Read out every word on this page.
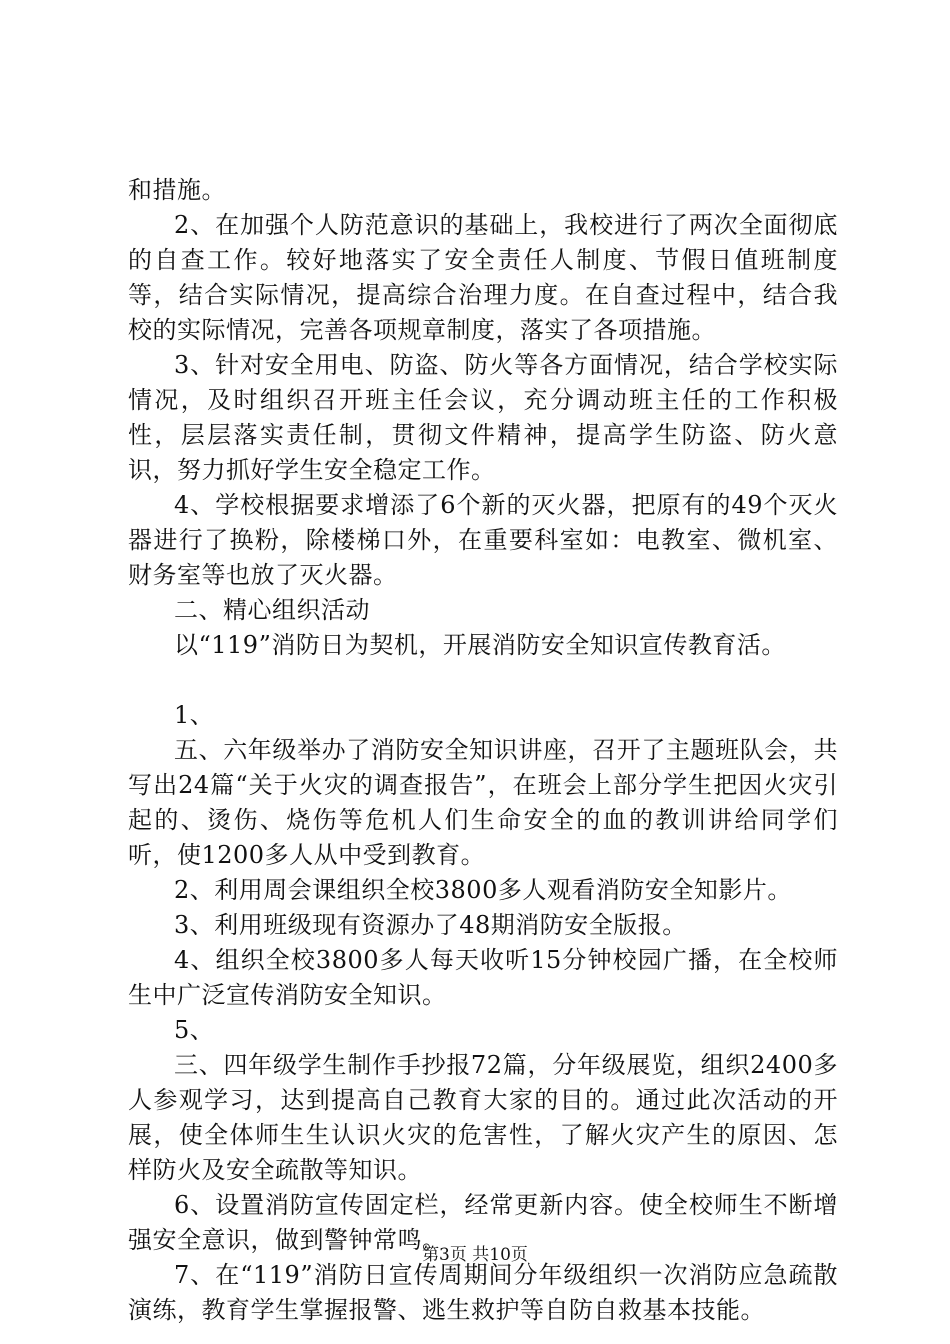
和措施。

2、在加强个人防范意识的基础上，我校进行了两次全面彻底的自查工作。较好地落实了安全责任人制度、节假日值班制度等，结合实际情况，提高综合治理力度。在自查过程中，结合我校的实际情况，完善各项规章制度，落实了各项措施。

3、针对安全用电、防盗、防火等各方面情况，结合学校实际情况，及时组织召开班主任会议，充分调动班主任的工作积极性，层层落实责任制，贯彻文件精神，提高学生防盗、防火意识，努力抓好学生安全稳定工作。

4、学校根据要求增添了6个新的灭火器，把原有的49个灭火器进行了换粉，除楼梯口外，在重要科室如：电教室、微机室、财务室等也放了灭火器。

二、精心组织活动

以“119”消防日为契机，开展消防安全知识宣传教育活。

1、

五、六年级举办了消防安全知识讲座，召开了主题班队会，共写出24篇“关于火灾的调查报告”，在班会上部分学生把因火灾引起的、烫伤、烧伤等危机人们生命安全的血的教训讲给同学们听，使1200多人从中受到教育。

2、利用周会课组织全校3800多人观看消防安全知影片。

3、利用班级现有资源办了48期消防安全版报。

4、组织全校3800多人每天收听15分钟校园广播，在全校师生中广泛宣传消防安全知识。

5、

三、四年级学生制作手抄报72篇，分年级展览，组织2400多人参观学习，达到提高自己教育大家的目的。通过此次活动的开展，使全体师生生认识火灾的危害性，了解火灾产生的原因、怎样防火及安全疏散等知识。

6、设置消防宣传固定栏，经常更新内容。使全校师生不断增强安全意识，做到警钟常鸣。

7、在“119”消防日宣传周期间分年级组织一次消防应急疏散演练，教育学生掌握报警、逃生救护等自防自救基本技能。

第3页 共10页
